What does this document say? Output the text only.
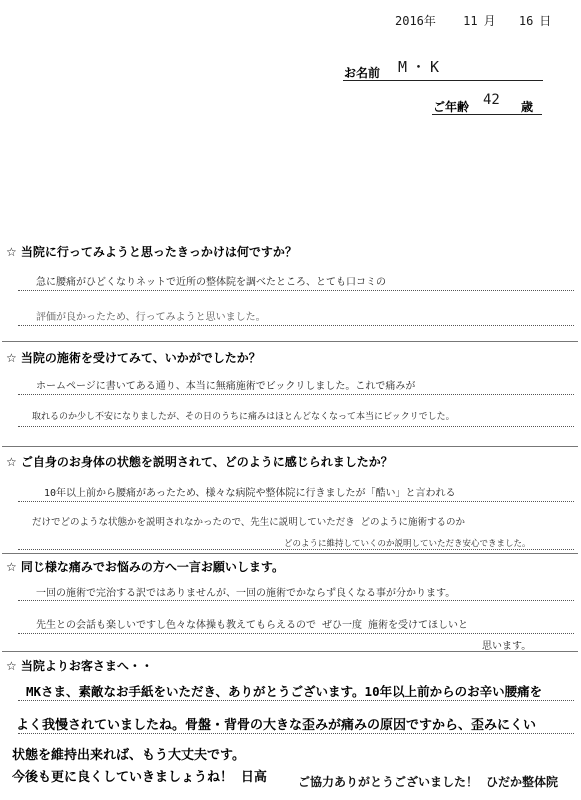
2016年 11 月 16 日
お名前 M・K
ご年齢 42 歳
☆ 当院に行ってみようと思ったきっかけは何ですか？
急に腰痛がひどくなりネットで近所の整体院を調べたところ、とても口コミの
評価が良かったため、行ってみようと思いました。
☆ 当院の施術を受けてみて、いかがでしたか？
ホームページに書いてある通り、本当に無痛施術でビックリしました。これで痛みが
取れるのか少し不安になりましたが、その日のうちに痛みはほとんどなくなって本当にビックリでした。
☆ ご自身のお身体の状態を説明されて、どのように感じられましたか？
10年以上前から腰痛があったため、様々な病院や整体院に行きましたが「酷い」と言われる
だけでどのような状態かを説明されなかったので、先生に説明していただき どのように施術するのか
どのように維持していくのか説明していただき安心できました。
☆ 同じ様な痛みでお悩みの方へ一言お願いします。
一回の施術で完治する訳ではありませんが、一回の施術でかならず良くなる事が分かります。
先生との会話も楽しいですし色々な体操も教えてもらえるので ぜひ一度 施術を受けてほしいと
思います。
☆ 当院よりお客さまへ・・
MKさま、素敵なお手紙をいただき、ありがとうございます。10年以上前からのお辛い腰痛を
よく我慢されていましたね。骨盤・背骨の大きな歪みが痛みの原因ですから、歪みにくい
状態を維持出来れば、もう大丈夫です。
今後も更に良くしていきましょうね！ 日高	ご協力ありがとうございました！ ひだか整体院
